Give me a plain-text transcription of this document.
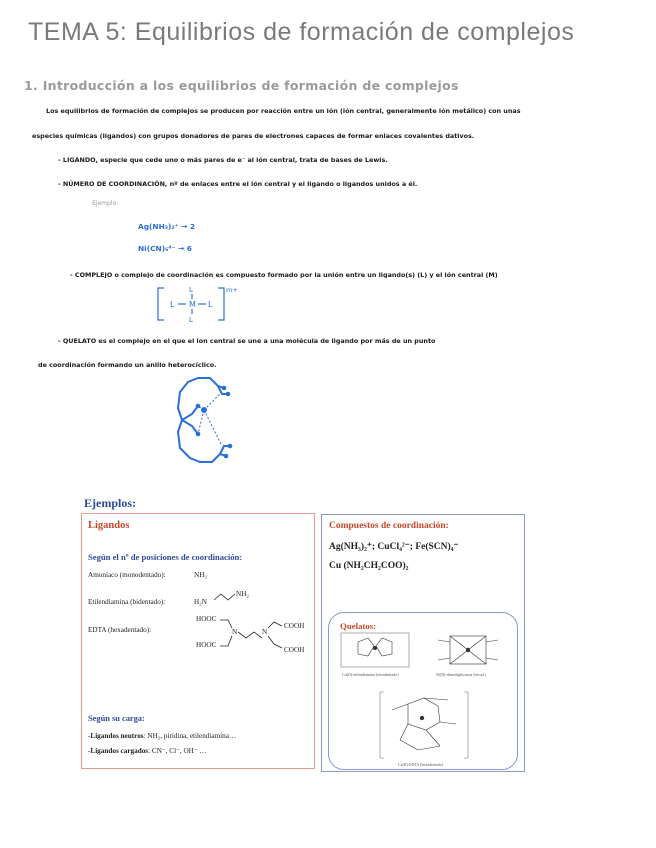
TEMA 5: Equilibrios de formación de complejos
1. Introducción a los equilibrios de formación de complejos
Los equilibrios de formación de complejos se producen por reacción entre un ión (ión central, generalmente ión metálico) con unas
especies químicas (ligandos) con grupos donadores de pares de electrones capaces de formar enlaces covalentes dativos.
- LIGANDO, especie que cede uno o más pares de e⁻ al ión central, trata de bases de Lewis.
- NÚMERO DE COORDINACIÓN, nº de enlaces entre el ión central y el ligando o ligandos unidos a él.
Ejemplo:
Ag(NH₃)₂⁺ → 2
Ni(CN)₆⁴⁻ → 6
- COMPLEJO o complejo de coordinación es compuesto formado por la unión entre un ligando(s) (L) y el ión central (M)
L M L
L
L
m+
- QUELATO es el complejo en el que el ion central se une a una molécula de ligando por más de un punto
de coordinación formando un anillo heterocíclico.
Ejemplos:
Ligandos
Según el nº de posiciones de coordinación:
Amoníaco (monodentado):	NH₃
Etilendiamina (bidentado):	H₂N
NH₂
EDTA (hexadentado):
HOOC
HOOC
COOH
COOH
N	N
Según su carga:
-Ligandos neutros: NH₃, piridina, etilendiamina…
-Ligandos cargados: CN⁻, Cl⁻, OH⁻ …
Compuestos de coordinación:
Ag(NH₃)₂⁺; CuCl₄²⁻; Fe(SCN)₄⁻
Cu (NH₂CH₂COO)₂
Quelatos:
Cu(II)-etilendiamina (tetradentado)	Ni(II)-dimetilglioxima (tetrad.)
Ca(II)-EDTA (hexadentado)
